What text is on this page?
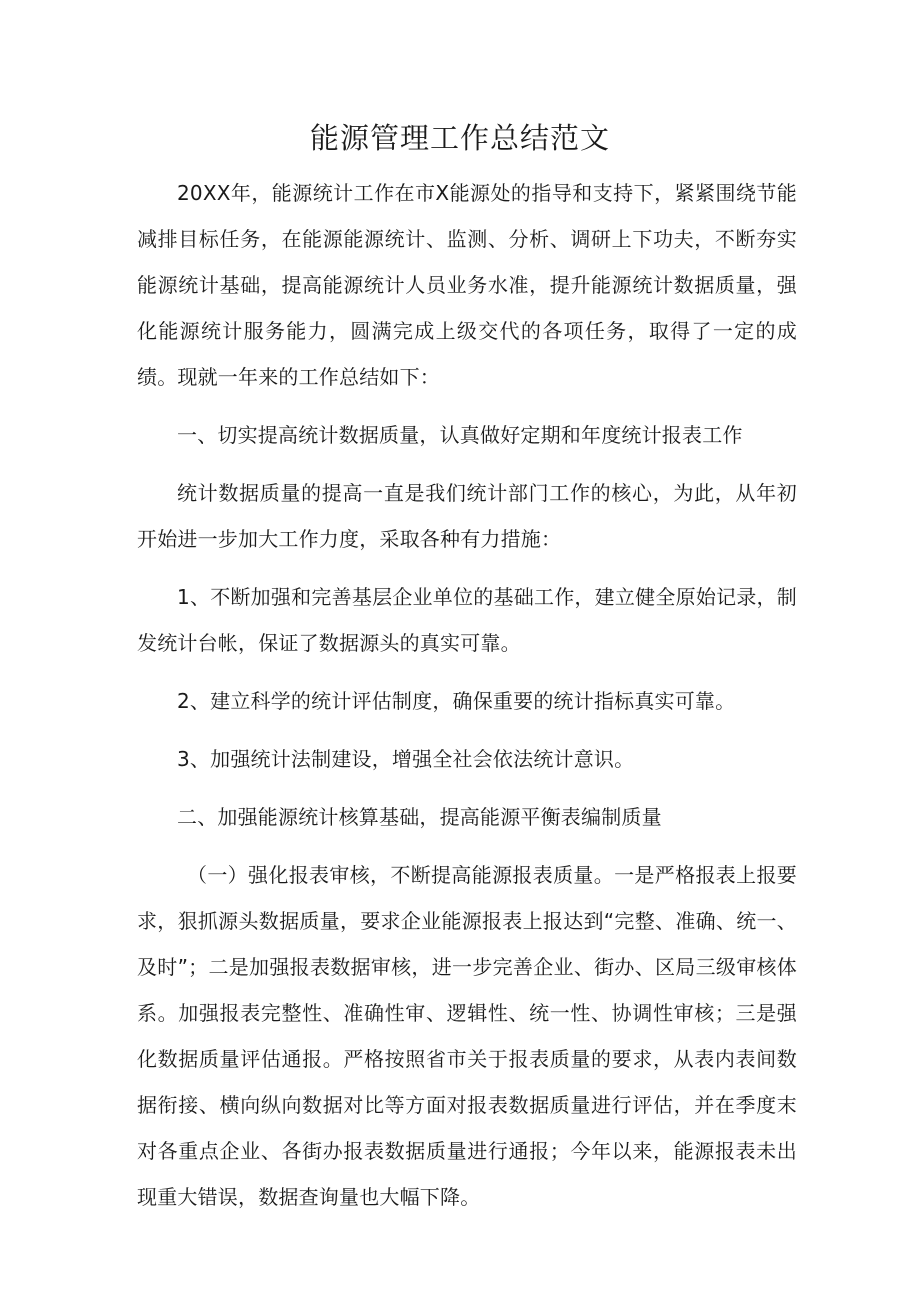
能源管理工作总结范文

20XX年，能源统计工作在市X能源处的指导和支持下，紧紧围绕节能减排目标任务，在能源能源统计、监测、分析、调研上下功夫，不断夯实能源统计基础，提高能源统计人员业务水准，提升能源统计数据质量，强化能源统计服务能力，圆满完成上级交代的各项任务，取得了一定的成绩。现就一年来的工作总结如下：

一、切实提高统计数据质量，认真做好定期和年度统计报表工作

统计数据质量的提高一直是我们统计部门工作的核心，为此，从年初开始进一步加大工作力度，采取各种有力措施：

1、不断加强和完善基层企业单位的基础工作，建立健全原始记录，制发统计台帐，保证了数据源头的真实可靠。

2、建立科学的统计评估制度，确保重要的统计指标真实可靠。

3、加强统计法制建设，增强全社会依法统计意识。

二、加强能源统计核算基础，提高能源平衡表编制质量

（一）强化报表审核，不断提高能源报表质量。一是严格报表上报要求，狠抓源头数据质量，要求企业能源报表上报达到“完整、准确、统一、及时”；二是加强报表数据审核，进一步完善企业、街办、区局三级审核体系。加强报表完整性、准确性审、逻辑性、统一性、协调性审核；三是强化数据质量评估通报。严格按照省市关于报表质量的要求，从表内表间数据衔接、横向纵向数据对比等方面对报表数据质量进行评估，并在季度末对各重点企业、各街办报表数据质量进行通报；今年以来，能源报表未出现重大错误，数据查询量也大幅下降。
